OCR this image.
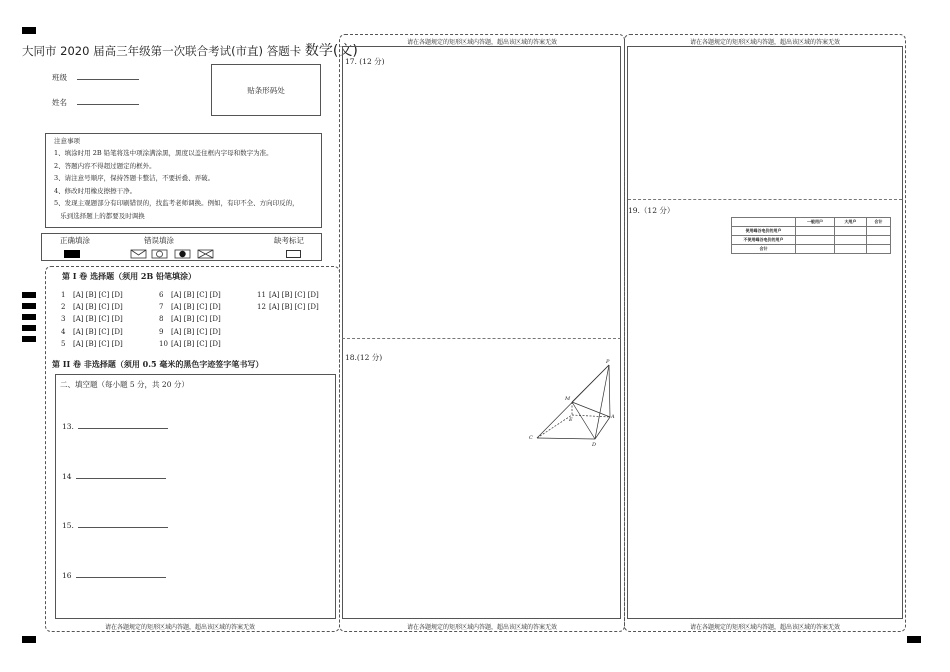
大同市 2020 届高三年级第一次联合考试(市直) 答题卡 数学(文)
班级
姓名
贴条形码处
注意事项
1、填涂时用 2B 铅笔将选中项涂满涂黑，黑度以盖住框内字母和数字为准。
2、答题内容不得超过题定的框外。
3、请注意号顺序，保持答题卡整洁，不要折叠、弄破。
4、修改时用橡皮擦擦干净。
5、发现主观题部分有印刷错误的，找监考老师调换。例如，有印不全、方向印反的，
乐到选择题上的都要及时调换
正确填涂	错误填涂	缺考标记
第 I 卷 选择题（须用 2B 铅笔填涂）
1 [A] [B] [C] [D]
2 [A] [B] [C] [D]
3 [A] [B] [C] [D]
4 [A] [B] [C] [D]
5 [A] [B] [C] [D]
6 [A] [B] [C] [D]
7 [A] [B] [C] [D]
8 [A] [B] [C] [D]
9 [A] [B] [C] [D]
10 [A] [B] [C] [D]
11 [A] [B] [C] [D]
12 [A] [B] [C] [D]
第 II 卷 非选择题（须用 0.5 毫米的黑色字迹签字笔书写）
二、填空题（每小题 5 分，共 20 分）
13.
14
15.
16
请在各题规定的矩形区域内答题，超出该区域的答案无效
请在各题规定的矩形区域内答题，超出该区域的答案无效
17. (12 分)
18.(12 分)	P
M
E	A
C
D
请在各题规定的矩形区域内答题，超出该区域的答案无效
请在各题规定的矩形区域内答题，超出该区域的答案无效
19.（12 分）
	一般用户	大用户	合计
使用峰谷电价的用户			
不使用峰谷电价的用户			
合计			
请在各题规定的矩形区域内答题，超出该区域的答案无效
